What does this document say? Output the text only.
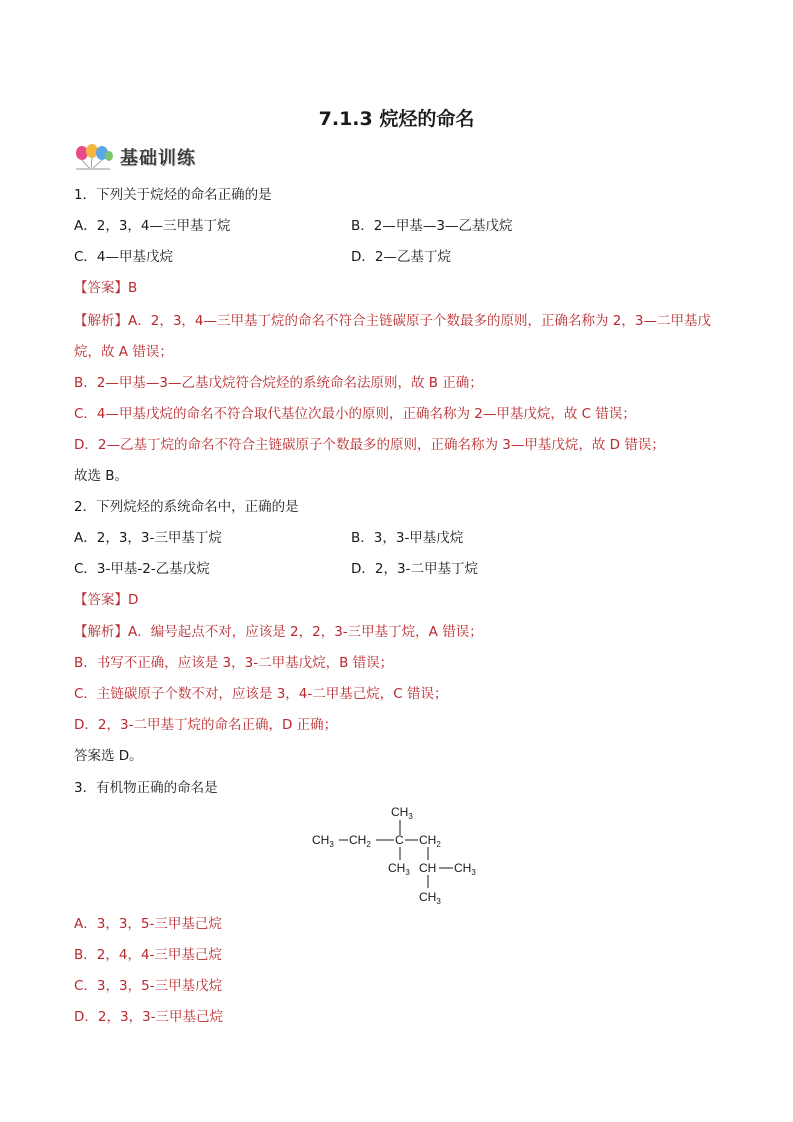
7.1.3 烷烃的命名
基础训练
1．下列关于烷烃的命名正确的是
A．2，3，4—三甲基丁烷	B．2—甲基—3—乙基戊烷
C．4—甲基戊烷	D．2—乙基丁烷
【答案】B
【解析】A．2，3，4—三甲基丁烷的命名不符合主链碳原子个数最多的原则，正确名称为 2，3—二甲基戊
烷，故 A 错误；
B．2—甲基—3—乙基戊烷符合烷烃的系统命名法原则，故 B 正确；
C．4—甲基戊烷的命名不符合取代基位次最小的原则，正确名称为 2—甲基戊烷，故 C 错误；
D．2—乙基丁烷的命名不符合主链碳原子个数最多的原则，正确名称为 3—甲基戊烷，故 D 错误；
故选 B。
2．下列烷烃的系统命名中，正确的是
A．2，3，3-三甲基丁烷	B．3，3-甲基戊烷
C．3-甲基-2-乙基戊烷	D．2，3-二甲基丁烷
【答案】D
【解析】A．编号起点不对，应该是 2，2，3-三甲基丁烷，A 错误；
B．书写不正确，应该是 3，3-二甲基戊烷，B 错误；
C．主链碳原子个数不对，应该是 3，4-二甲基己烷，C 错误；
D．2，3-二甲基丁烷的命名正确，D 正确；
答案选 D。
3．有机物正确的命名是
$CH_3$
$CH_3$ $CH_2$ C $CH_2$
$CH_3$ CH $CH_3$
$CH_3$
A．3，3，5-三甲基己烷
B．2，4，4-三甲基己烷
C．3，3，5-三甲基戊烷
D．2，3，3-三甲基己烷
